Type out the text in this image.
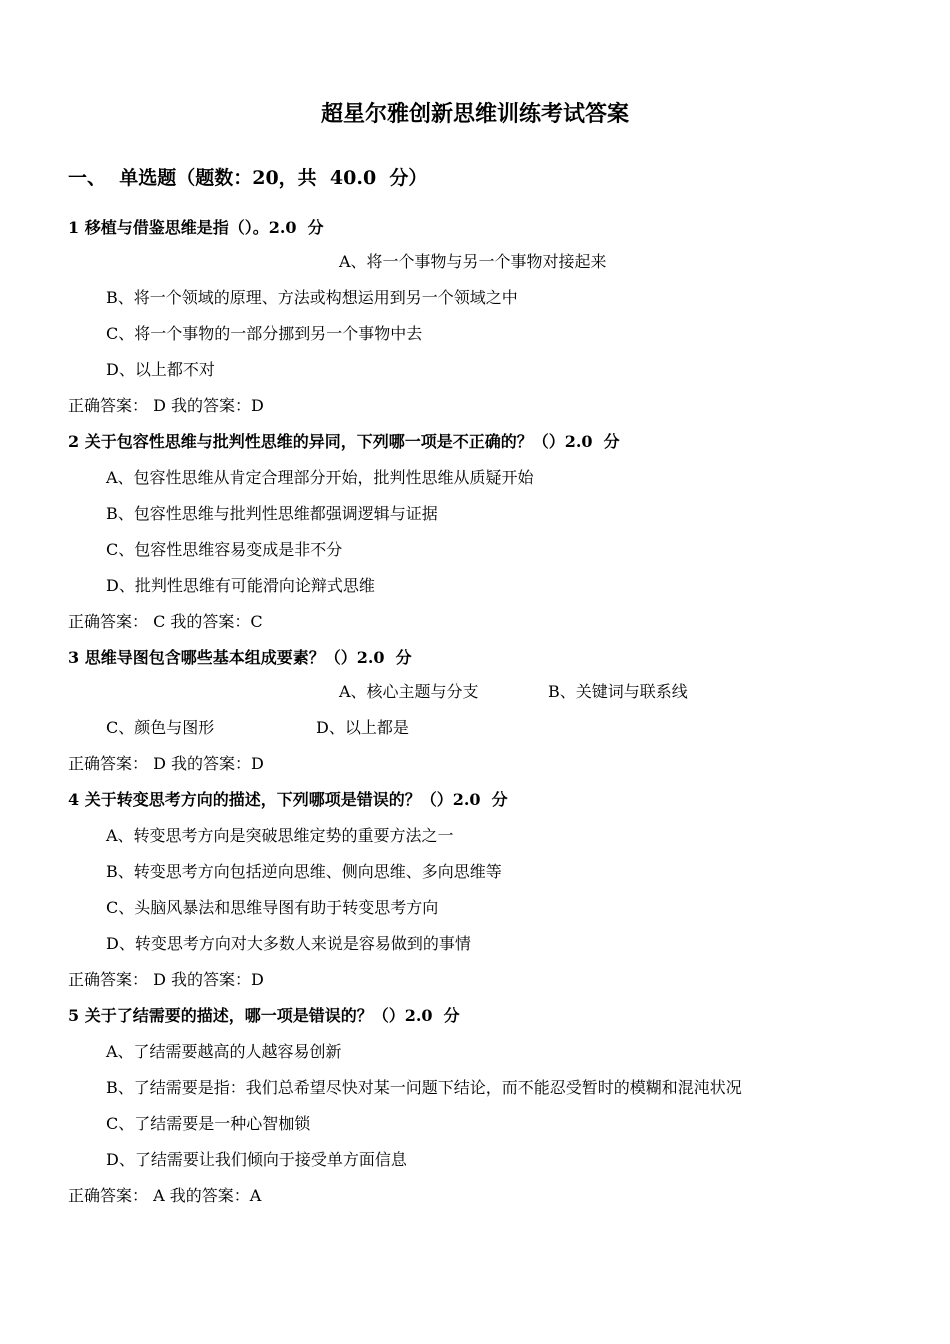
超星尔雅创新思维训练考试答案
一、  单选题（题数：20，共  40.0  分）
1 移植与借鉴思维是指（）。2.0  分
A、将一个事物与另一个事物对接起来
B、将一个领域的原理、方法或构想运用到另一个领域之中
C、将一个事物的一部分挪到另一个事物中去
D、以上都不对
正确答案： D 我的答案：D
2 关于包容性思维与批判性思维的异同，下列哪一项是不正确的？（）2.0  分
A、包容性思维从肯定合理部分开始，批判性思维从质疑开始
B、包容性思维与批判性思维都强调逻辑与证据
C、包容性思维容易变成是非不分
D、批判性思维有可能滑向论辩式思维
正确答案： C 我的答案：C
3 思维导图包含哪些基本组成要素？（）2.0  分
A、核心主题与分支	B、关键词与联系线
C、颜色与图形	D、以上都是
正确答案： D 我的答案：D
4 关于转变思考方向的描述，下列哪项是错误的？（）2.0  分
A、转变思考方向是突破思维定势的重要方法之一
B、转变思考方向包括逆向思维、侧向思维、多向思维等
C、头脑风暴法和思维导图有助于转变思考方向
D、转变思考方向对大多数人来说是容易做到的事情
正确答案： D 我的答案：D
5 关于了结需要的描述，哪一项是错误的？（）2.0  分
A、了结需要越高的人越容易创新
B、了结需要是指：我们总希望尽快对某一问题下结论，而不能忍受暂时的模糊和混沌状况
C、了结需要是一种心智枷锁
D、了结需要让我们倾向于接受单方面信息
正确答案： A 我的答案：A
